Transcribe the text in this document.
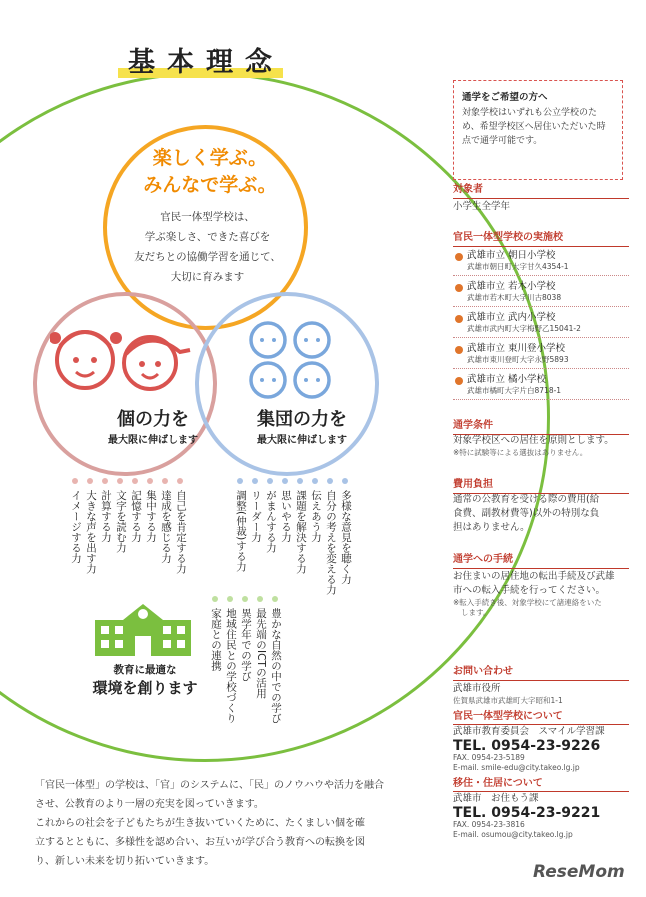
基本理念
楽しく学ぶ。
みんなで学ぶ。
官民一体型学校は、
学ぶ楽しさ、できた喜びを
友だちとの協働学習を通じて、
大切に育みます
個の力を
最大限に伸ばします
集団の力を
最大限に伸ばします
自己を肯定する力
達成を感じる力
集中する力
記憶する力
文字を読む力
計算する力
大きな声を出す力
イメージする力	多様な意見を聴く力
自分の考えを変える力
伝えあう力
課題を解決する力
思いやる力
がまんする力
リーダー力
調整(仲裁)する力
豊かな自然の中での学び
最先端のICTの活用
異学年での学び
地域住民との学校づくり
家庭との連携
教育に最適な
環境を創ります
「官民一体型」の学校は、「官」のシステムに、「民」のノウハウや活力を融合
させ、公教育のより一層の充実を図っていきます。
これからの社会を子どもたちが生き抜いていくために、たくましい個を確
立するとともに、多様性を認め合い、お互いが学び合う教育への転換を図
り、新しい未来を切り拓いていきます。
通学をご希望の方へ
対象学校はいずれも公立学校のた
め、希望学校区へ居住いただいた時
点で通学可能です。
対象者
小学生全学年
官民一体型学校の実施校
武雄市立 朝日小学校
武雄市朝日町大字甘久4354-1
武雄市立 若木小学校
武雄市若木町大字川古8038
武雄市立 武内小学校
武雄市武内町大字梅野乙15041-2
武雄市立 東川登小学校
武雄市東川登町大字永野5893
武雄市立 橘小学校
武雄市橘町大字片白8718-1
通学条件
対象学校区への居住を原則とします。
※特に試験等による選抜はありません。
費用負担
通常の公教育を受ける際の費用(給
食費、副教材費等)以外の特別な負
担はありません。
通学への手続
お住まいの居住地の転出手続及び武雄
市への転入手続を行ってください。
※転入手続き後、対象学校にて諸連絡をいた
します。
お問い合わせ
武雄市役所
佐賀県武雄市武雄町大字昭和1-1
官民一体型学校について
武雄市教育委員会　スマイル学習課
TEL. 0954-23-9226
FAX. 0954-23-5189
E-mail. smile-edu@city.takeo.lg.jp
移住・住居について
武雄市　お住もう課
TEL. 0954-23-9221
FAX. 0954-23-3816
E-mail. osumou@city.takeo.lg.jp
ReseMom
